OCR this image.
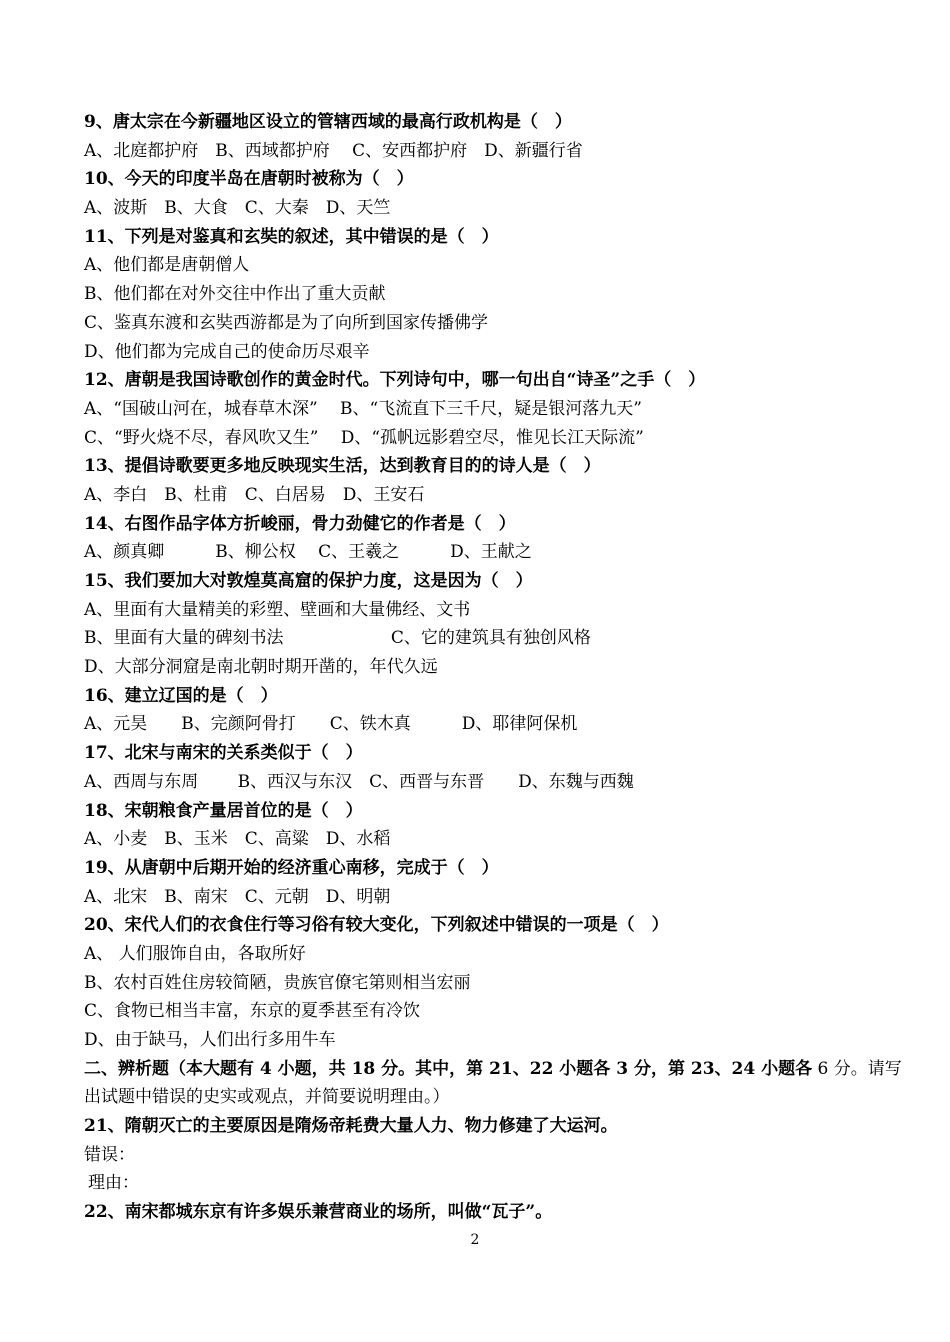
9、唐太宗在今新疆地区设立的管辖西域的最高行政机构是（　）
A、北庭都护府　B、西域都护府　 C、安西都护府　D、新疆行省
10、今天的印度半岛在唐朝时被称为（　）
A、波斯　B、大食　C、大秦　D、天竺
11、下列是对鉴真和玄奘的叙述，其中错误的是（　）
A、他们都是唐朝僧人
B、他们都在对外交往中作出了重大贡献
C、鉴真东渡和玄奘西游都是为了向所到国家传播佛学
D、他们都为完成自己的使命历尽艰辛
12、唐朝是我国诗歌创作的黄金时代。下列诗句中，哪一句出自“诗圣”之手（　）
A、“国破山河在，城春草木深”　 B、“飞流直下三千尺，疑是银河落九天”
C、“野火烧不尽，春风吹又生”　 D、“孤帆远影碧空尽，惟见长江天际流”
13、提倡诗歌要更多地反映现实生活，达到教育目的的诗人是（　）
A、李白　B、杜甫　C、白居易　D、王安石
14、右图作品字体方折峻丽，骨力劲健它的作者是（　）
A、颜真卿　　　B、柳公权　 C、王羲之　　　D、王献之
15、我们要加大对敦煌莫高窟的保护力度，这是因为（　）
A、里面有大量精美的彩塑、壁画和大量佛经、文书
B、里面有大量的碑刻书法　　　　　　 C、它的建筑具有独创风格
D、大部分洞窟是南北朝时期开凿的，年代久远
16、建立辽国的是（　）
A、元昊　　B、完颜阿骨打　　C、铁木真　　　D、耶律阿保机
17、北宋与南宋的关系类似于（　）
A、西周与东周　　 B、西汉与东汉　C、西晋与东晋　　D、东魏与西魏
18、宋朝粮食产量居首位的是（　）
A、小麦　B、玉米　C、高粱　D、水稻
19、从唐朝中后期开始的经济重心南移，完成于（　）
A、北宋　B、南宋　C、元朝　D、明朝
20、宋代人们的衣食住行等习俗有较大变化，下列叙述中错误的一项是（　）
A、 人们服饰自由，各取所好
B、农村百姓住房较简陋，贵族官僚宅第则相当宏丽
C、食物已相当丰富，东京的夏季甚至有冷饮
D、由于缺马，人们出行多用牛车
二、辨析题（本大题有 4 小题，共 18 分。其中，第 21、22 小题各 3 分，第 23、24 小题各 6 分。请写
出试题中错误的史实或观点，并简要说明理由。）
21、隋朝灭亡的主要原因是隋炀帝耗费大量人力、物力修建了大运河。
错误：
理由：
22、南宋都城东京有许多娱乐兼营商业的场所，叫做“瓦子”。
2
